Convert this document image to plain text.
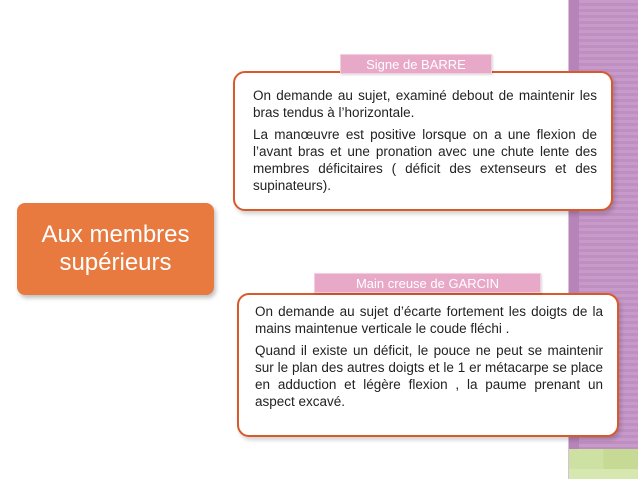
Aux membres
supérieurs

On demande au sujet, examiné debout de maintenir les bras tendus à l’horizontale.

La manœuvre est positive lorsque on a une flexion de l’avant bras et une pronation avec une chute lente des membres déficitaires ( déficit des extenseurs et des supinateurs).

Signe de BARRE

On demande au sujet d’écarte fortement les doigts de la mains maintenue verticale le coude fléchi .

Quand il existe un déficit, le pouce ne peut se maintenir sur le plan des autres doigts et le 1 er métacarpe se place en adduction et légère flexion , la paume prenant un aspect excavé.

Main creuse de GARCIN
